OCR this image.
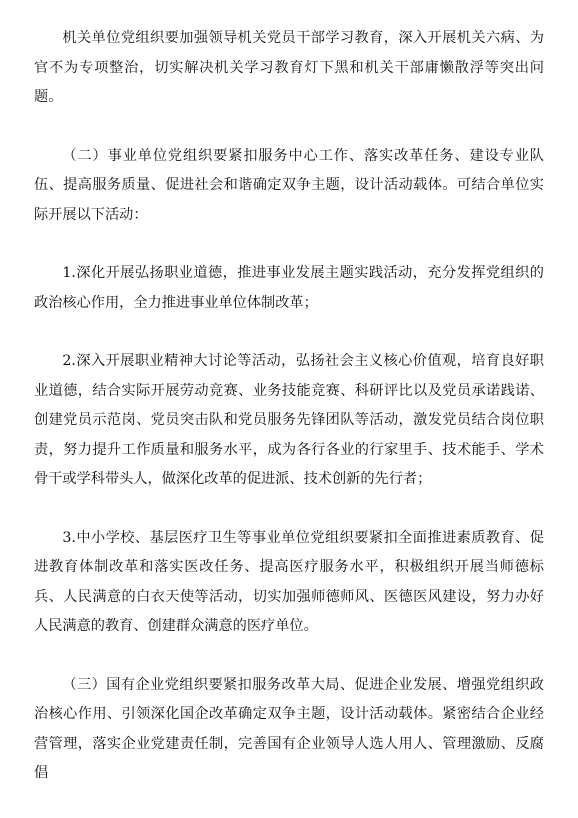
机关单位党组织要加强领导机关党员干部学习教育，深入开展机关六病、为官不为专项整治，切实解决机关学习教育灯下黑和机关干部庸懒散浮等突出问题。

（二）事业单位党组织要紧扣服务中心工作、落实改革任务、建设专业队伍、提高服务质量、促进社会和谐确定双争主题，设计活动载体。可结合单位实际开展以下活动：

1.深化开展弘扬职业道德，推进事业发展主题实践活动，充分发挥党组织的政治核心作用，全力推进事业单位体制改革；

2.深入开展职业精神大讨论等活动，弘扬社会主义核心价值观，培育良好职业道德，结合实际开展劳动竞赛、业务技能竞赛、科研评比以及党员承诺践诺、创建党员示范岗、党员突击队和党员服务先锋团队等活动，激发党员结合岗位职责，努力提升工作质量和服务水平，成为各行各业的行家里手、技术能手、学术骨干或学科带头人，做深化改革的促进派、技术创新的先行者；

3.中小学校、基层医疗卫生等事业单位党组织要紧扣全面推进素质教育、促进教育体制改革和落实医改任务、提高医疗服务水平，积极组织开展当师德标兵、人民满意的白衣天使等活动，切实加强师德师风、医德医风建设，努力办好人民满意的教育、创建群众满意的医疗单位。

（三）国有企业党组织要紧扣服务改革大局、促进企业发展、增强党组织政治核心作用、引领深化国企改革确定双争主题，设计活动载体。紧密结合企业经营管理，落实企业党建责任制，完善国有企业领导人选人用人、管理激励、反腐倡
